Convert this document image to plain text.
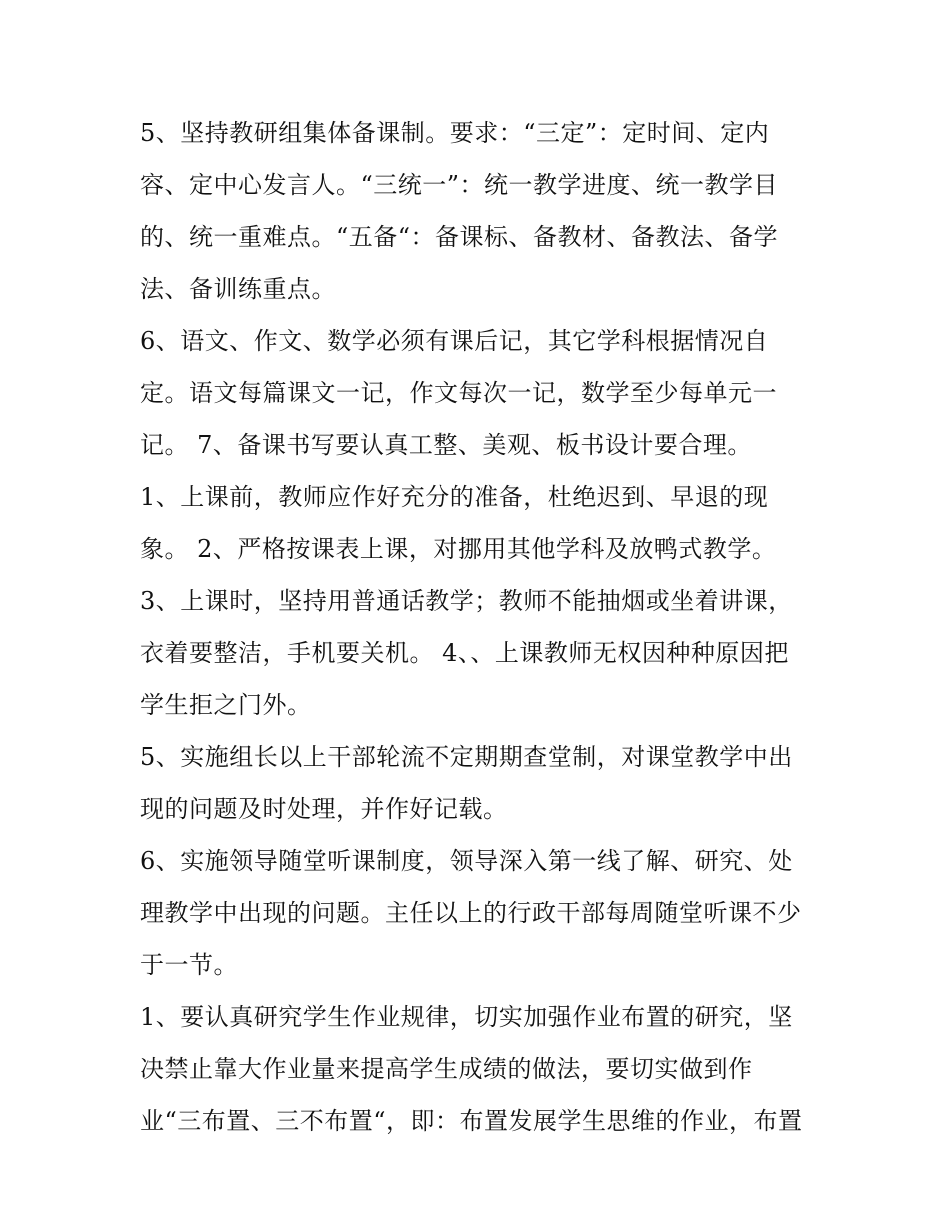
5、坚持教研组集体备课制。要求：“三定”：定时间、定内
容、定中心发言人。“三统一”：统一教学进度、统一教学目
的、统一重难点。“五备“：备课标、备教材、备教法、备学
法、备训练重点。
6、语文、作文、数学必须有课后记，其它学科根据情况自
定。语文每篇课文一记，作文每次一记，数学至少每单元一
记。 7、备课书写要认真工整、美观、板书设计要合理。
1、上课前，教师应作好充分的准备，杜绝迟到、早退的现
象。 2、严格按课表上课，对挪用其他学科及放鸭式教学。
3、上课时，坚持用普通话教学；教师不能抽烟或坐着讲课，
衣着要整洁，手机要关机。 4、、上课教师无权因种种原因把
学生拒之门外。
5、实施组长以上干部轮流不定期期查堂制，对课堂教学中出
现的问题及时处理，并作好记载。
6、实施领导随堂听课制度，领导深入第一线了解、研究、处
理教学中出现的问题。主任以上的行政干部每周随堂听课不少
于一节。
1、要认真研究学生作业规律，切实加强作业布置的研究，坚
决禁止靠大作业量来提高学生成绩的做法，要切实做到作
业“三布置、三不布置“，即：布置发展学生思维的作业，布置
